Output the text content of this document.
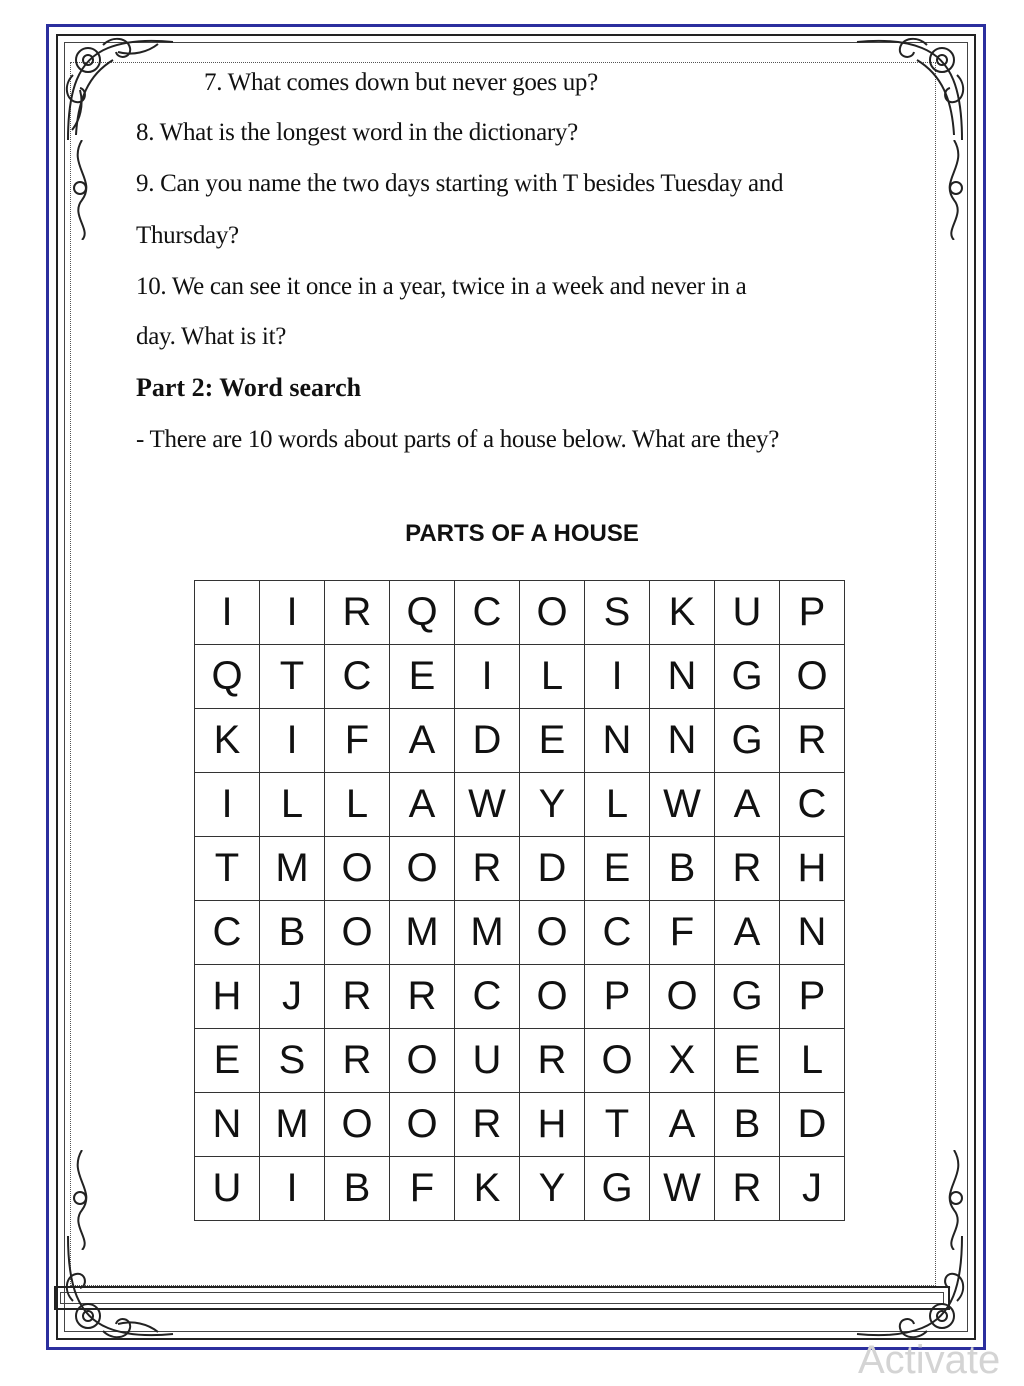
7. What comes down but never goes up?
8. What is the longest word in the dictionary?
9. Can you name the two days starting with T besides Tuesday and
Thursday?
10. We can see it once in a year, twice in a week and never in a
day. What is it?
Part 2: Word search
- There are 10 words about parts of a house below. What are they?
PARTS OF A HOUSE
I	I	R	Q	C	O	S	K	U	P
Q	T	C	E	I	L	I	N	G	O
K	I	F	A	D	E	N	N	G	R
I	L	L	A	W	Y	L	W	A	C
T	M	O	O	R	D	E	B	R	H
C	B	O	M	M	O	C	F	A	N
H	J	R	R	C	O	P	O	G	P
E	S	R	O	U	R	O	X	E	L
N	M	O	O	R	H	T	A	B	D
U	I	B	F	K	Y	G	W	R	J
Activate
